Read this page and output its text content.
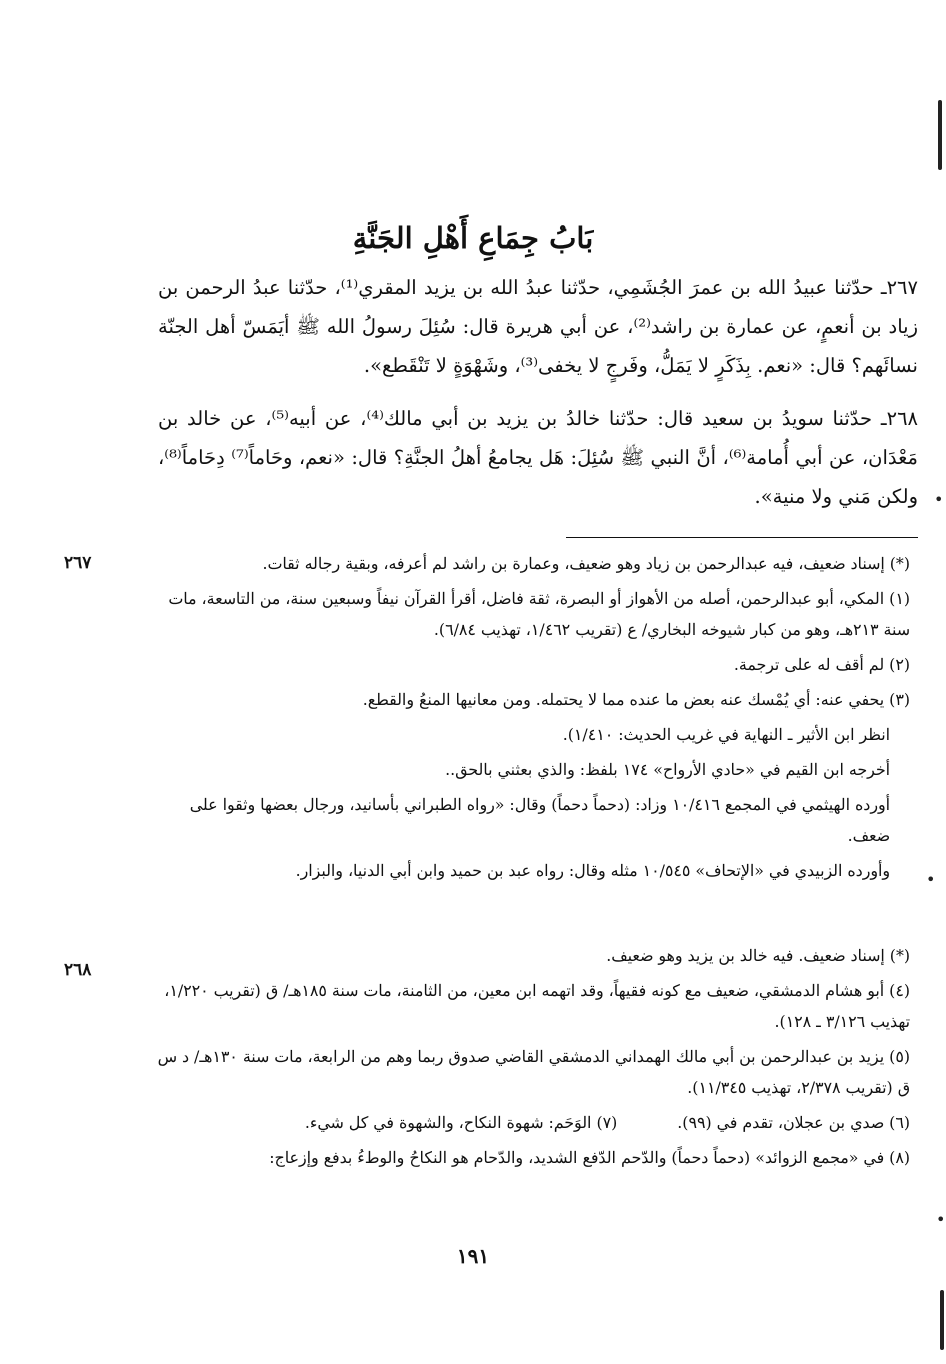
•
•
•
بَابُ جِمَاعِ أَهْلِ الجَنَّةِ
٢٦٧ـ حدّثنا عبيدُ الله بن عمرَ الجُشَمِي، حدّثنا عبدُ الله بن يزيد المقري⁽¹⁾، حدّثنا عبدُ الرحمن بن زياد بن أنعمٍ، عن عمارة بن راشد⁽²⁾، عن أبي هريرة قال: سُئِلَ رسولُ الله ﷺ أيَمَسّ أهل الجنّة نسائَهم؟ قال: «نعم. بِذَكَرٍ لا يَمَلُّ، وفَرجٍ لا يخفى⁽³⁾، وشَهْوَةٍ لا تَنْقَطع».
٢٦٨ـ حدّثنا سويدُ بن سعيد قال: حدّثنا خالدُ بن يزيد بن أبي مالك⁽⁴⁾، عن أبيه⁽⁵⁾، عن خالد بن مَعْدَان، عن أبي أُمامة⁽⁶⁾، أنَّ النبي ﷺ سُئِلَ: هَل يجامعُ أهلُ الجنَّةِ؟ قال: «نعم، وحَاماً⁽⁷⁾ دِحَاماً⁽⁸⁾، ولكن مَني ولا منية».
٢٦٧
٢٦٨

(*) إسناد ضعيف، فيه عبدالرحمن بن زياد وهو ضعيف، وعمارة بن راشد لم أعرفه، وبقية رجاله ثقات.

(١) المكي، أبو عبدالرحمن، أصله من الأهواز أو البصرة، ثقة فاضل، أقرأ القرآن نيفاً وسبعين سنة، من التاسعة، مات سنة ٢١٣هـ، وهو من كبار شيوخه البخاري/ ع (تقريب ١/٤٦٢، تهذيب ٦/٨٤).

(٢) لم أقف له على ترجمة.

(٣) يحفي عنه: أي يُمْسك عنه بعض ما عنده مما لا يحتمله. ومن معانيها المنعُ والقطع.

انظر ابن الأثير ـ النهاية في غريب الحديث: ١/٤١٠).

أخرجه ابن القيم في «حادي الأرواح» ١٧٤ بلفظ: والذي بعثني بالحق..

أورده الهيثمي في المجمع ١٠/٤١٦ وزاد: (دحماً دحماً) وقال: «رواه الطبراني بأسانيد، ورجال بعضها وثقوا على ضعف.

وأورده الزبيدي في «الإتحاف» ١٠/٥٤٥ مثله وقال: رواه عبد بن حميد وابن أبي الدنيا، والبزار.

(*) إسناد ضعيف. فيه خالد بن يزيد وهو ضعيف.

(٤) أبو هشام الدمشقي، ضعيف مع كونه فقيهاً، وقد اتهمه ابن معين، من الثامنة، مات سنة ١٨٥هـ/ ق (تقريب ١/٢٢٠، تهذيب ٣/١٢٦ ـ ١٢٨).

(٥) يزيد بن عبدالرحمن بن أبي مالك الهمداني الدمشقي القاضي صدوق ربما وهم من الرابعة، مات سنة ١٣٠هـ/ د س ق (تقريب ٢/٣٧٨، تهذيب ١١/٣٤٥).

(٦) صدي بن عجلان، تقدم في (٩٩).
(٧) الوَحَم: شهوة النكاح، والشهوة في كل شيء.

(٨) في «مجمع الزوائد» (دحماً دحماً) والدّحم الدّفع الشديد، والدّحام هو النكاحُ والوطءُ بدفع وإزعاج:

١٩١
